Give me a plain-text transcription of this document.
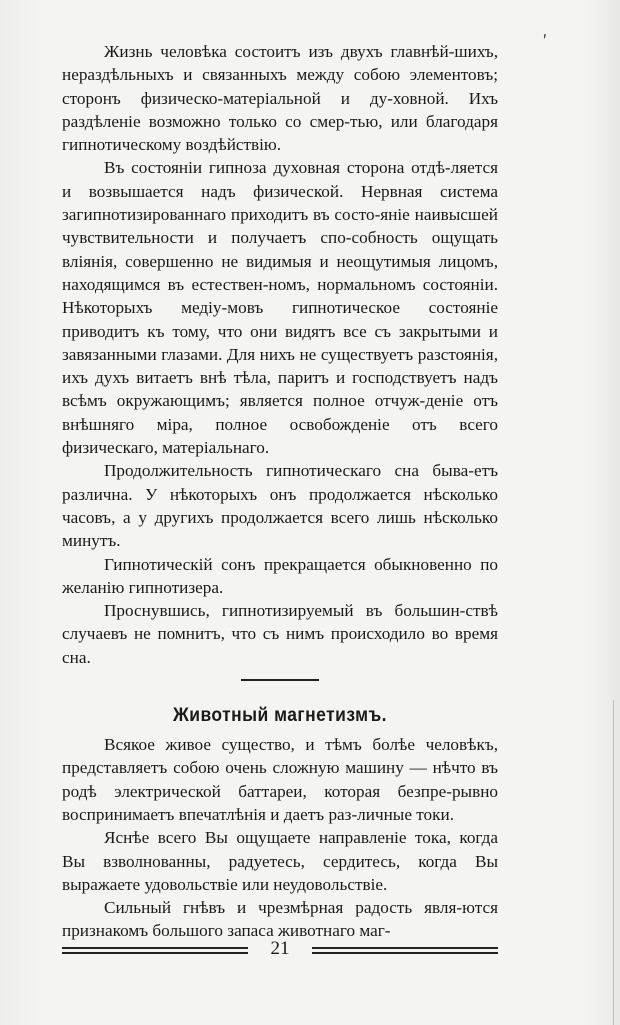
ʹ

Жизнь человѣка состоитъ изъ двухъ главнѣй-шихъ, нераздѣльныхъ и связанныхъ между собою элементовъ; сторонъ физическо-матеріальной и ду-ховной. Ихъ раздѣленіе возможно только со смер-тью, или благодаря гипнотическому воздѣйствію.

Въ состояніи гипноза духовная сторона отдѣ-ляется и возвышается надъ физической. Нервная система загипнотизированнаго приходитъ въ состо-яніе наивысшей чувствительности и получаетъ спо-собность ощущать вліянія, совершенно не видимыя и неощутимыя лицомъ, находящимся въ естествен-номъ, нормальномъ состояніи. Нѣкоторыхъ медіу-мовъ гипнотическое состояніе приводитъ къ тому, что они видятъ все съ закрытыми и завязанными глазами. Для нихъ не существуетъ разстоянія, ихъ духъ витаетъ внѣ тѣла, паритъ и господствуетъ надъ всѣмъ окружающимъ; является полное отчуж-деніе отъ внѣшняго міра, полное освобожденіе отъ всего физическаго, матеріальнаго.

Продолжительность гипнотическаго сна быва-етъ различна. У нѣкоторыхъ онъ продолжается нѣсколько часовъ, а у другихъ продолжается всего лишь нѣсколько минутъ.

Гипнотическій сонъ прекращается обыкновенно по желанію гипнотизера.

Проснувшись, гипнотизируемый въ большин-ствѣ случаевъ не помнитъ, что съ нимъ происходило во время сна.

Животный магнетизмъ.

Всякое живое существо, и тѣмъ болѣе человѣкъ, представляетъ собою очень сложную машину — нѣчто въ родѣ электрической баттареи, которая безпре-рывно воспринимаетъ впечатлѣнія и даетъ раз-личные токи.

Яснѣе всего Вы ощущаете направленіе тока, когда Вы взволнованны, радуетесь, сердитесь, когда Вы выражаете удовольствіе или неудовольствіе.

Сильный гнѣвъ и чрезмѣрная радость явля-ются признакомъ большого запаса животнаго маг-

21
